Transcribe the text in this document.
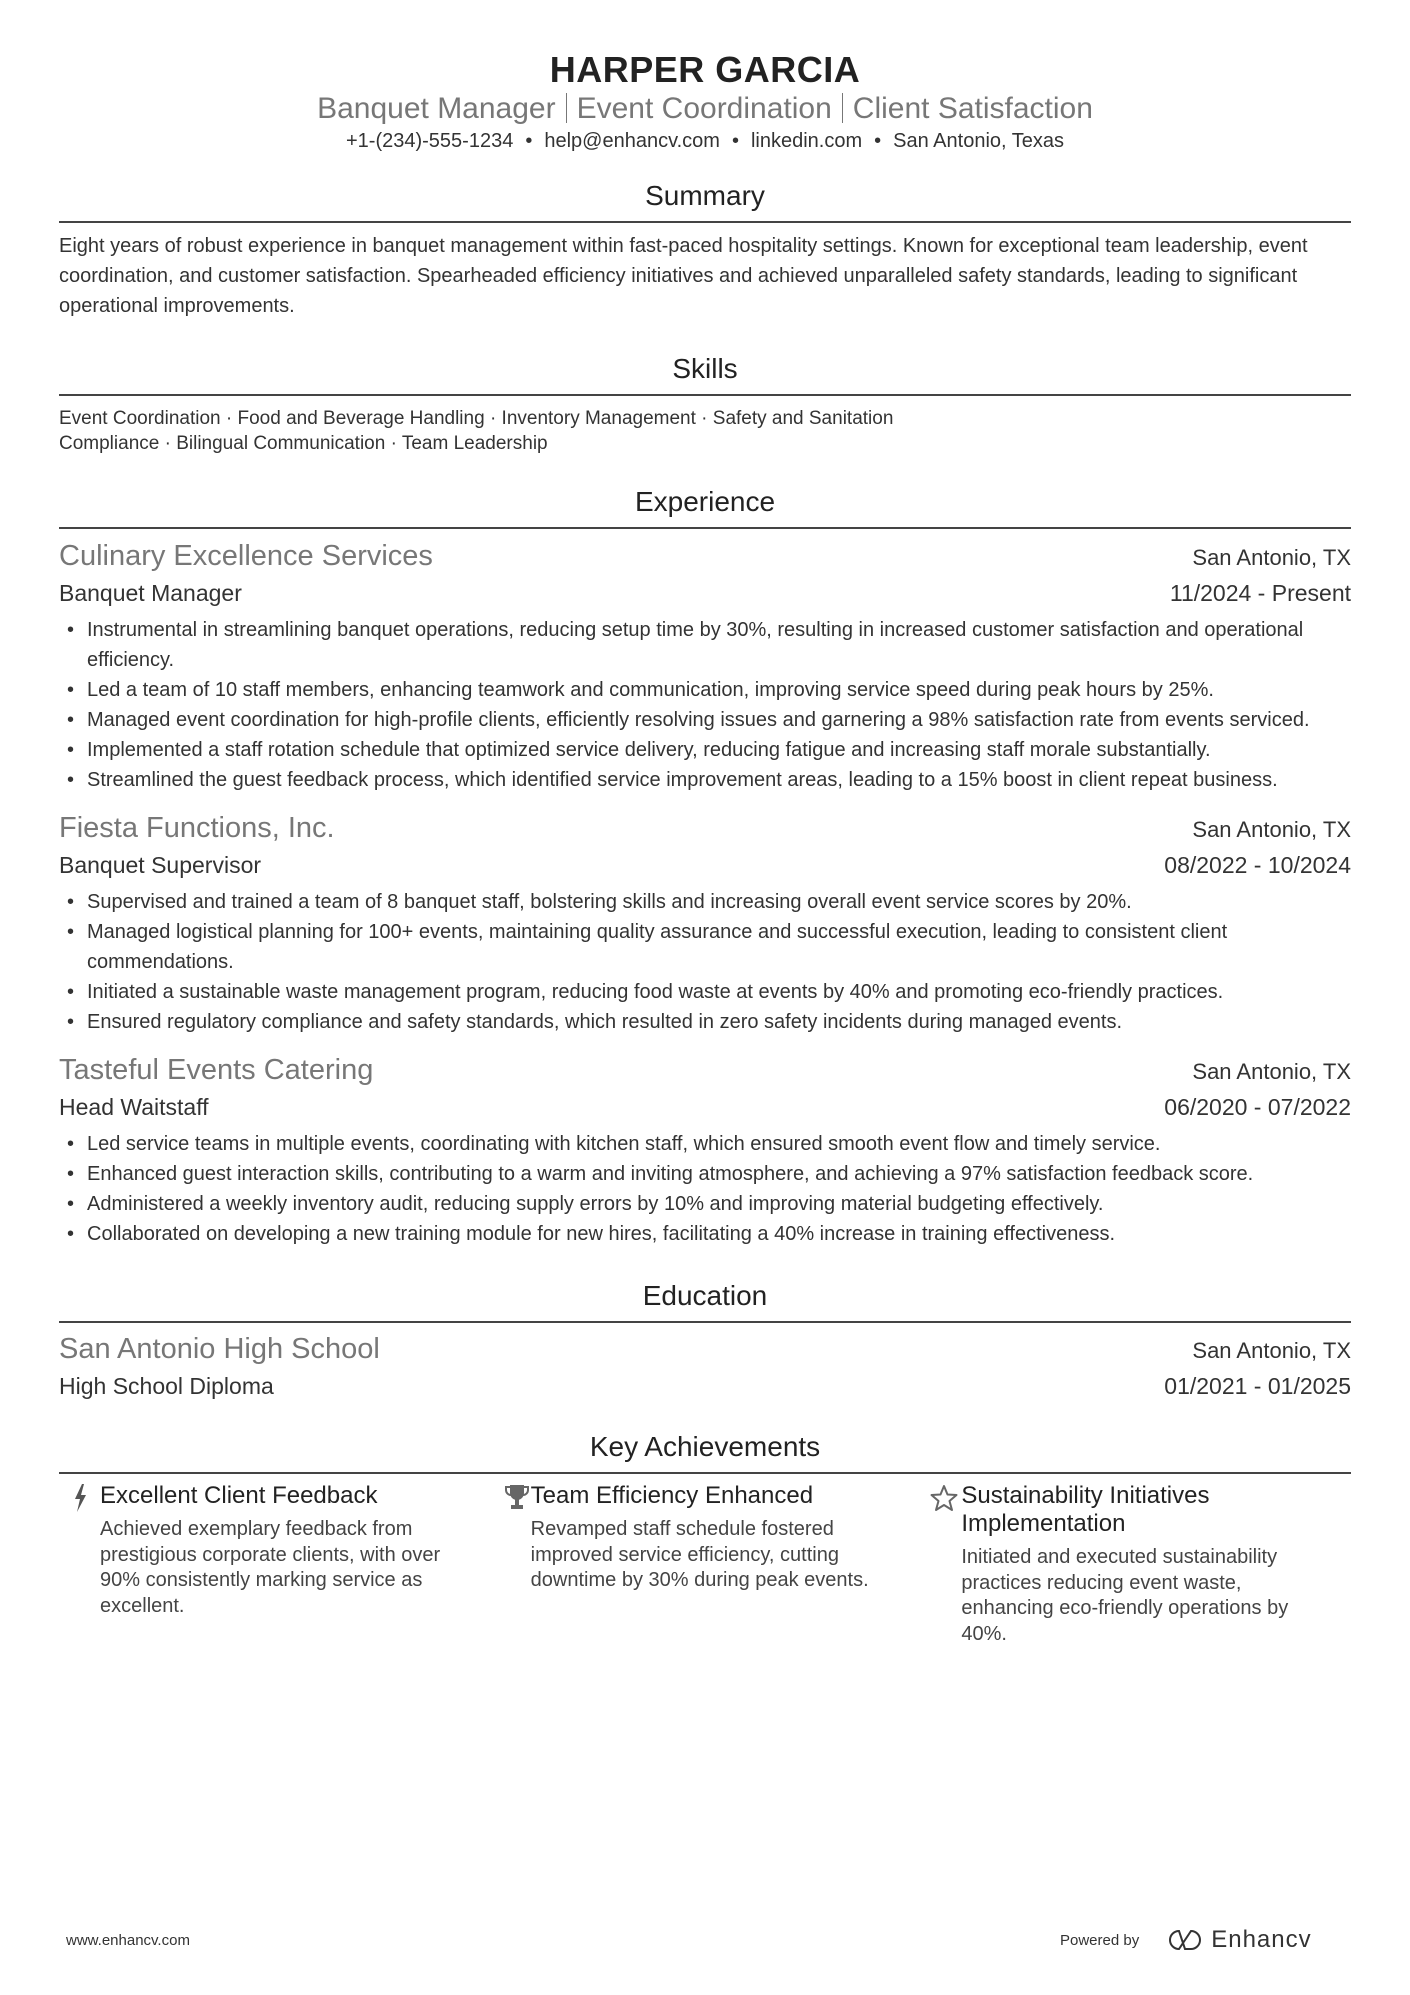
HARPER GARCIA
Banquet Manager Event Coordination Client Satisfaction
+1-(234)-555-1234 • help@enhancv.com • linkedin.com • San Antonio, Texas
Summary
Eight years of robust experience in banquet management within fast-paced hospitality settings. Known for exceptional team leadership, event coordination, and customer satisfaction. Spearheaded efficiency initiatives and achieved unparalleled safety standards, leading to significant operational improvements.
Skills
Event Coordination · Food and Beverage Handling · Inventory Management · Safety and Sanitation Compliance · Bilingual Communication · Team Leadership
Experience
Culinary Excellence Services	San Antonio, TX
Banquet Manager	11/2024 - Present
• Instrumental in streamlining banquet operations, reducing setup time by 30%, resulting in increased customer satisfaction and operational efficiency.
• Led a team of 10 staff members, enhancing teamwork and communication, improving service speed during peak hours by 25%.
• Managed event coordination for high-profile clients, efficiently resolving issues and garnering a 98% satisfaction rate from events serviced.
• Implemented a staff rotation schedule that optimized service delivery, reducing fatigue and increasing staff morale substantially.
• Streamlined the guest feedback process, which identified service improvement areas, leading to a 15% boost in client repeat business.
Fiesta Functions, Inc.	San Antonio, TX
Banquet Supervisor	08/2022 - 10/2024
• Supervised and trained a team of 8 banquet staff, bolstering skills and increasing overall event service scores by 20%.
• Managed logistical planning for 100+ events, maintaining quality assurance and successful execution, leading to consistent client commendations.
• Initiated a sustainable waste management program, reducing food waste at events by 40% and promoting eco-friendly practices.
• Ensured regulatory compliance and safety standards, which resulted in zero safety incidents during managed events.
Tasteful Events Catering	San Antonio, TX
Head Waitstaff	06/2020 - 07/2022
• Led service teams in multiple events, coordinating with kitchen staff, which ensured smooth event flow and timely service.
• Enhanced guest interaction skills, contributing to a warm and inviting atmosphere, and achieving a 97% satisfaction feedback score.
• Administered a weekly inventory audit, reducing supply errors by 10% and improving material budgeting effectively.
• Collaborated on developing a new training module for new hires, facilitating a 40% increase in training effectiveness.
Education
San Antonio High School	San Antonio, TX
High School Diploma	01/2021 - 01/2025
Key Achievements
Excellent Client Feedback
Achieved exemplary feedback from prestigious corporate clients, with over 90% consistently marking service as excellent.
Team Efficiency Enhanced
Revamped staff schedule fostered improved service efficiency, cutting downtime by 30% during peak events.
Sustainability Initiatives Implementation
Initiated and executed sustainability practices reducing event waste, enhancing eco-friendly operations by 40%.
www.enhancv.com	Powered by	Enhancv
